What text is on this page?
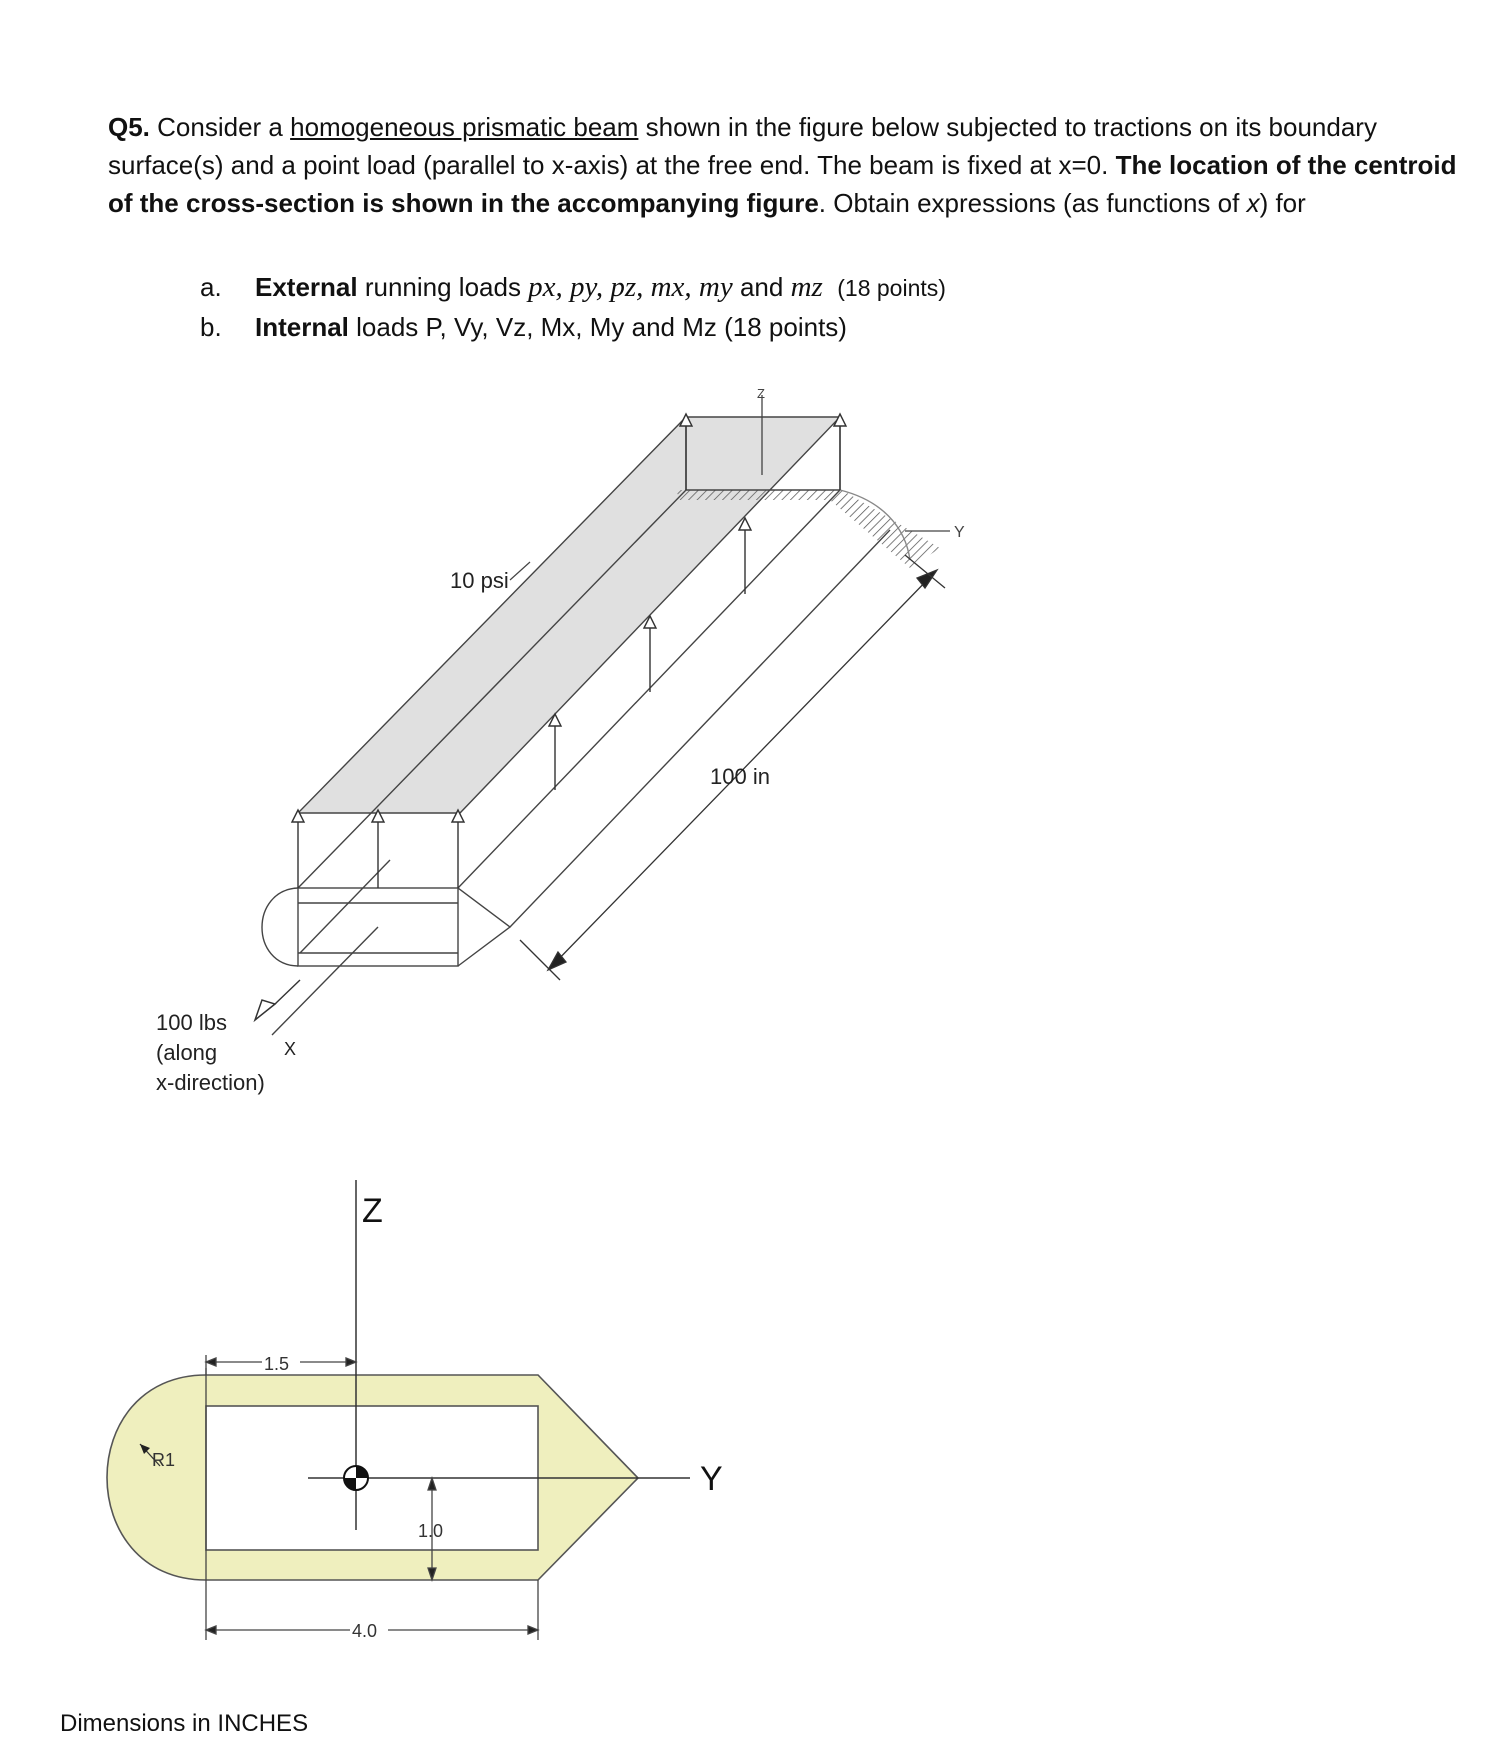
Q5. Consider a homogeneous prismatic beam shown in the figure below subjected to tractions on its boundary surface(s) and a point load (parallel to x-axis) at the free end. The beam is fixed at x=0. The location of the centroid of the cross-section is shown in the accompanying figure. Obtain expressions (as functions of x) for

a. External running loads px, py, pz, mx, my and mz (18 points)
b. Internal loads P, Vy, Vz, Mx, My and Mz (18 points)
Z
Y
100 in
10 psi
X
100 lbs
(along
x-direction)
Z
Y
1.5
R1
1.0
4.0
Dimensions in INCHES
